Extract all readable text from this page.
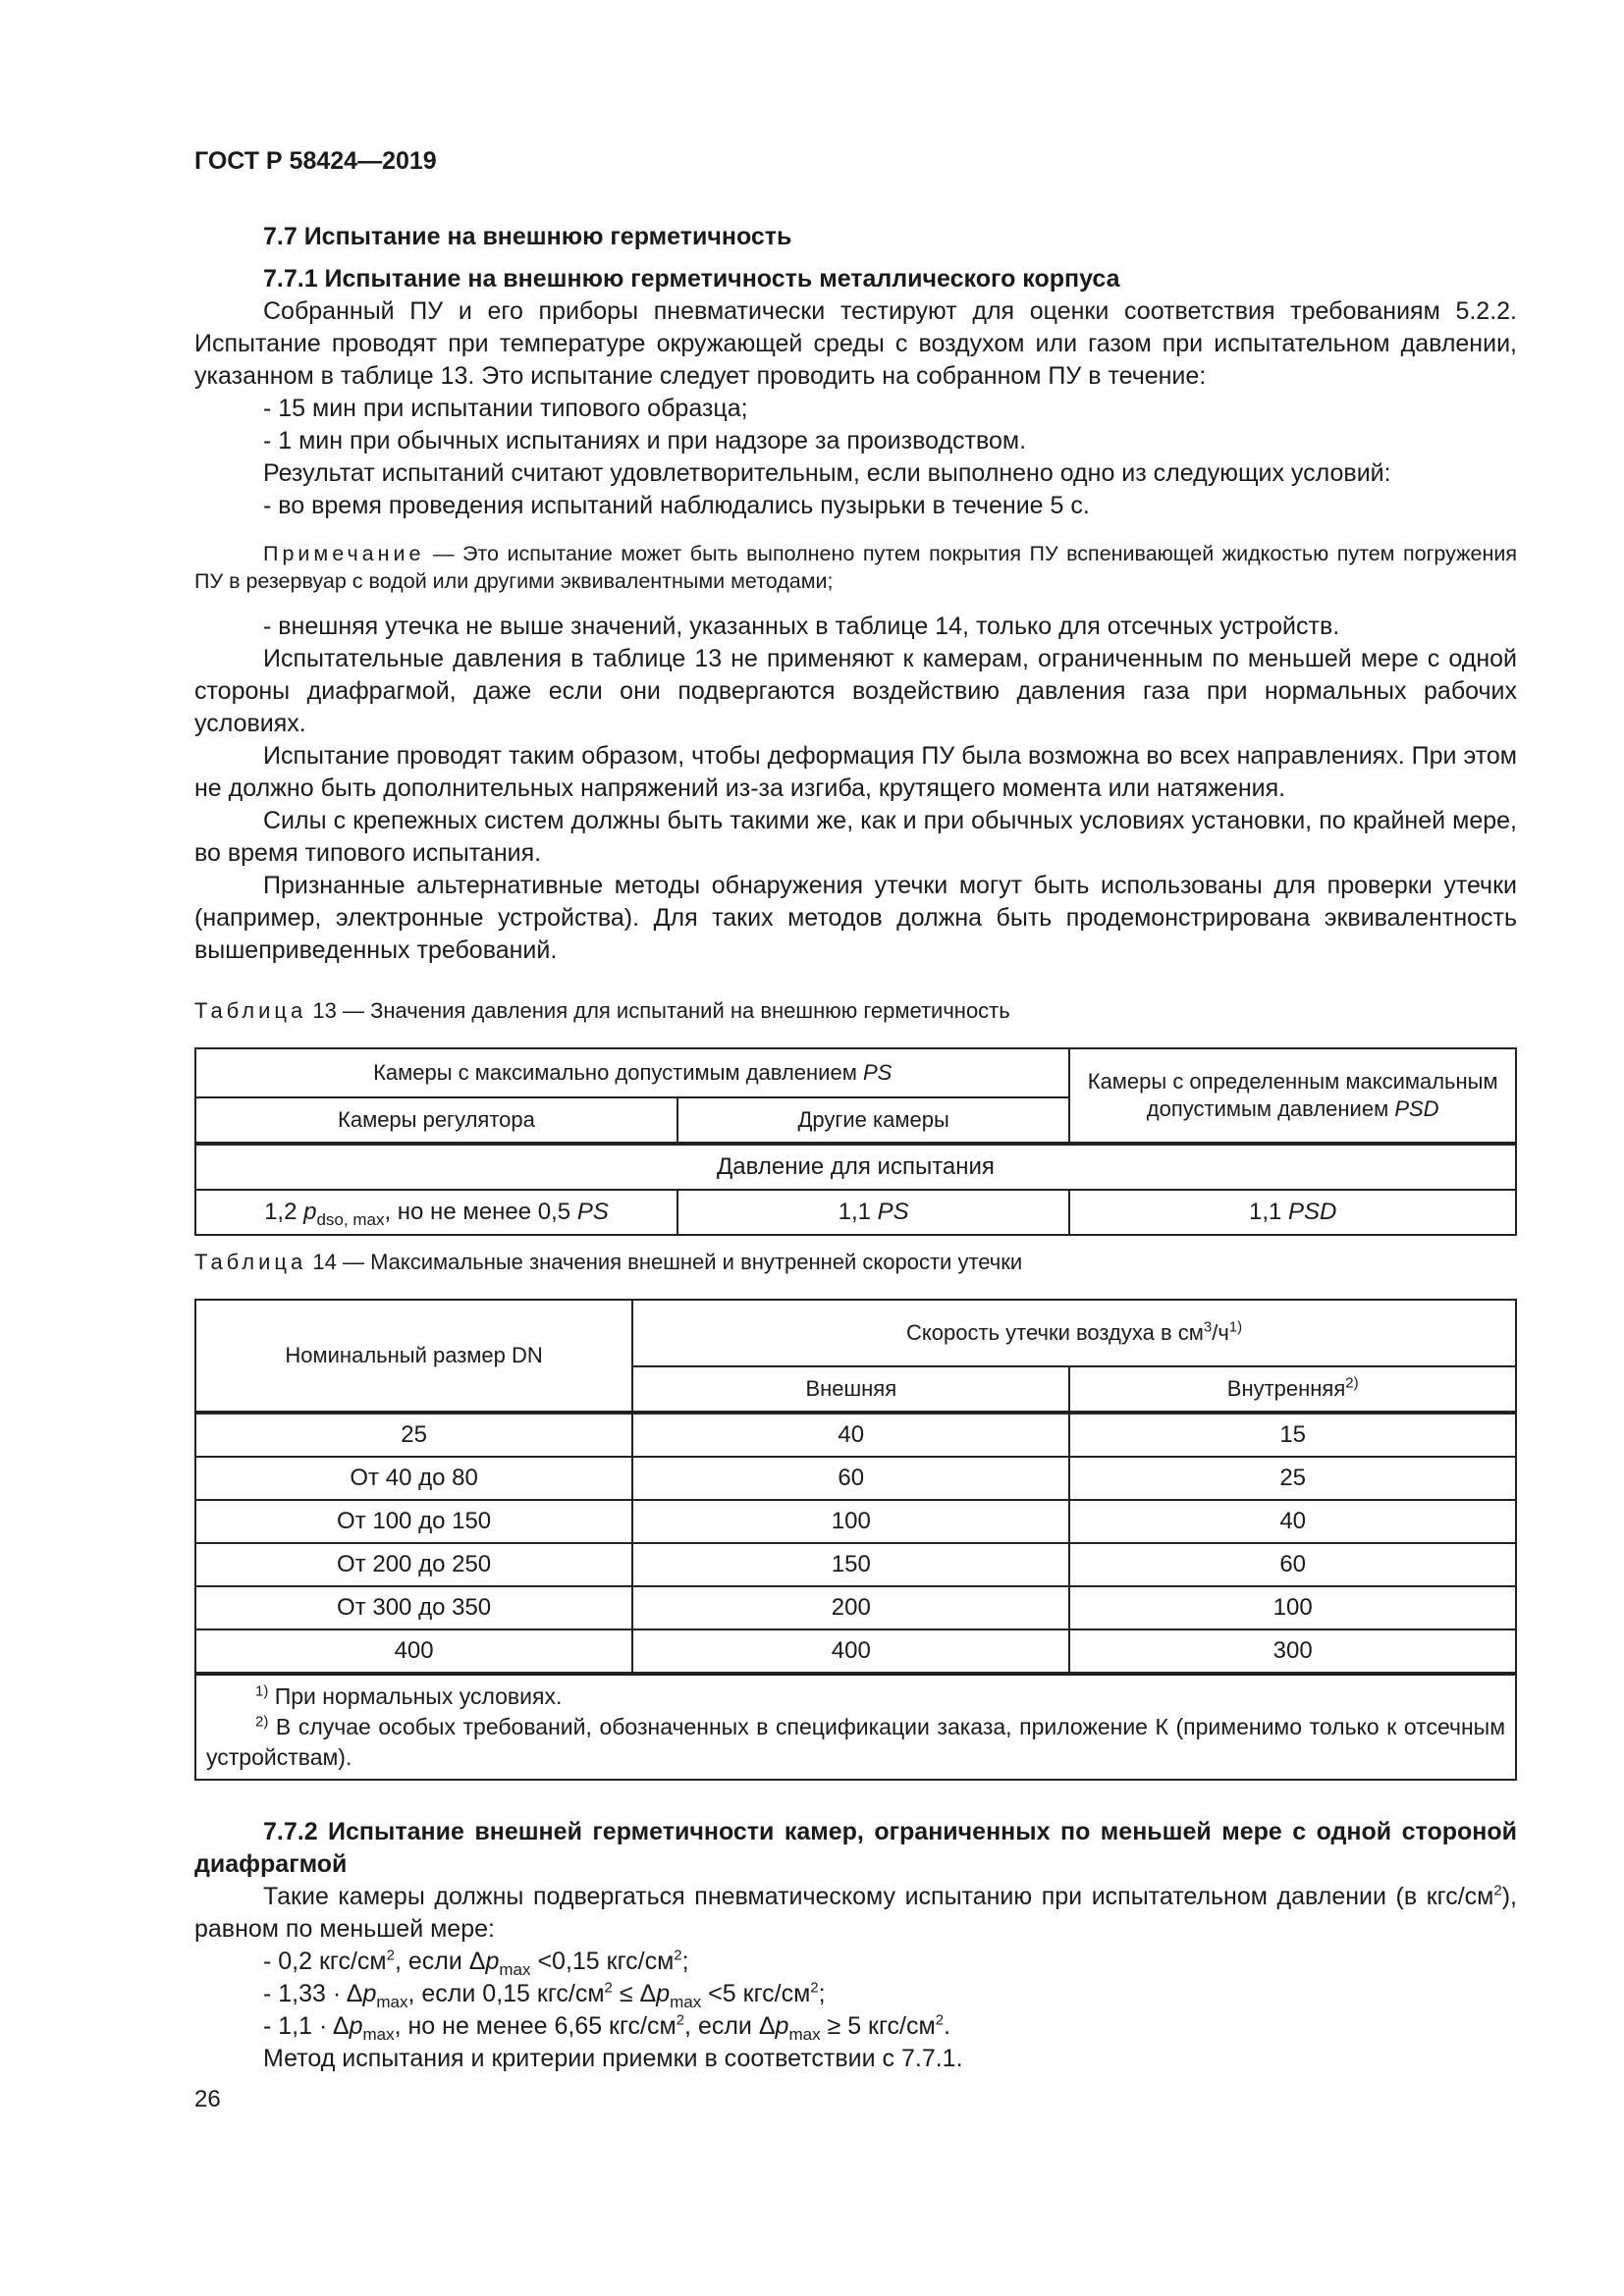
ГОСТ Р 58424—2019

7.7 Испытание на внешнюю герметичность

7.7.1 Испытание на внешнюю герметичность металлического корпуса

Собранный ПУ и его приборы пневматически тестируют для оценки соответствия требованиям 5.2.2. Испытание проводят при температуре окружающей среды с воздухом или газом при испытательном давлении, указанном в таблице 13. Это испытание следует проводить на собранном ПУ в течение:

- 15 мин при испытании типового образца;

- 1 мин при обычных испытаниях и при надзоре за производством.

Результат испытаний считают удовлетворительным, если выполнено одно из следующих условий:

- во время проведения испытаний наблюдались пузырьки в течение 5 с.

Примечание — Это испытание может быть выполнено путем покрытия ПУ вспенивающей жидкостью путем погружения ПУ в резервуар с водой или другими эквивалентными методами;

- внешняя утечка не выше значений, указанных в таблице 14, только для отсечных устройств.

Испытательные давления в таблице 13 не применяют к камерам, ограниченным по меньшей мере с одной стороны диафрагмой, даже если они подвергаются воздействию давления газа при нормальных рабочих условиях.

Испытание проводят таким образом, чтобы деформация ПУ была возможна во всех направлениях. При этом не должно быть дополнительных напряжений из-за изгиба, крутящего момента или натяжения.

Силы с крепежных систем должны быть такими же, как и при обычных условиях установки, по крайней мере, во время типового испытания.

Признанные альтернативные методы обнаружения утечки могут быть использованы для проверки утечки (например, электронные устройства). Для таких методов должна быть продемонстрирована эквивалентность вышеприведенных требований.

Таблица 13 — Значения давления для испытаний на внешнюю герметичность

Камеры с максимально допустимым давлением PS		Камеры с определенным максимальным допустимым давлением PSD
Камеры регулятора	Другие камеры	
Давление для испытания		
1,2 $p_{dso, max}$, но не менее 0,5 PS	1,1 PS	1,1 PSD

Таблица 14 — Максимальные значения внешней и внутренней скорости утечки

Номинальный размер DN	Скорость утечки воздуха в $см^3/ч^{1)}$
	Внешняя	Внутренняя$^{2)}$
25	40	15
От 40 до 80	60	25
От 100 до 150	100	40
От 200 до 250	150	60
От 300 до 350	200	100
400	400	300

$^{1)}$ При нормальных условиях.
$^{2)}$ В случае особых требований, обозначенных в спецификации заказа, приложение К (применимо только к отсечным устройствам).		

7.7.2 Испытание внешней герметичности камер, ограниченных по меньшей мере с одной стороной диафрагмой

Такие камеры должны подвергаться пневматическому испытанию при испытательном давлении (в кгс/$см^2$), равном по меньшей мере:

- 0,2 кгс/$см^2$, если $\Delta p_{max} <0,15$ кгс/$см^2$;

- $1,33 \cdot \Delta p_{max}$, если 0,15 кгс/$см^2 \le \Delta p_{max} <5$ кгс/$см^2$;

- $1,1 \cdot \Delta p_{max}$, но не менее 6,65 кгс/$см^2$, если $\Delta p_{max} \ge 5$ кгс/$см^2$.

Метод испытания и критерии приемки в соответствии с 7.7.1.

26
